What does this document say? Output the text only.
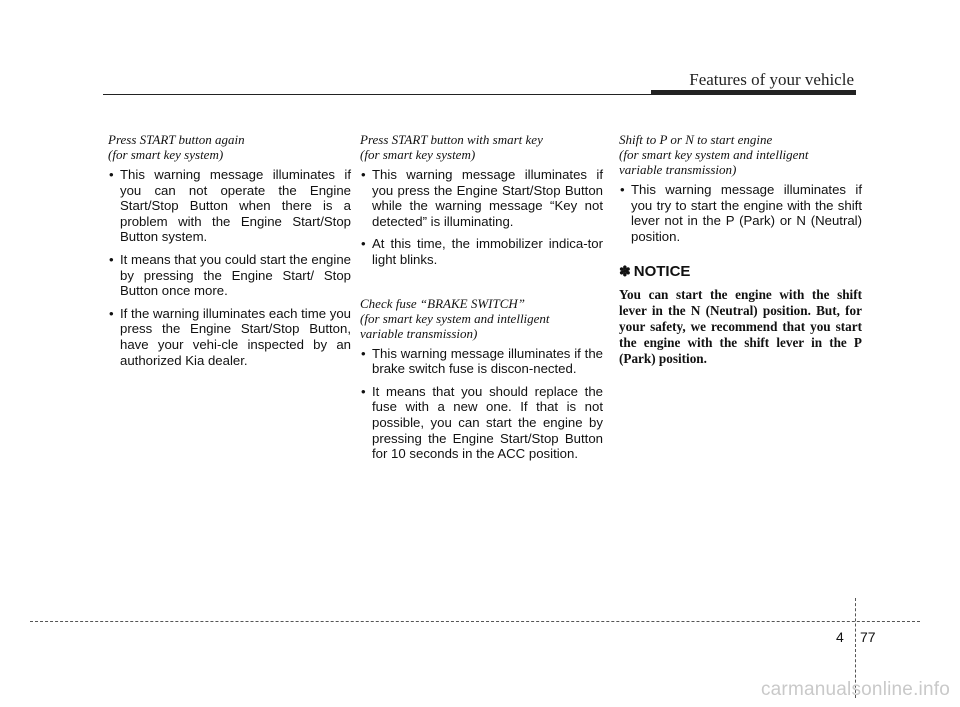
Features of your vehicle
Press START button again
(for smart key system)
• This warning message illuminates if you can not operate the Engine Start/Stop Button when there is a problem with the Engine Start/Stop Button system.
• It means that you could start the engine by pressing the Engine Start/ Stop Button once more.
• If the warning illuminates each time you press the Engine Start/Stop Button, have your vehi-cle inspected by an authorized Kia dealer.
Press START button with smart key
(for smart key system)
• This warning message illuminates if you press the Engine Start/Stop Button while the warning message “Key not detected” is illuminating.
• At this time, the immobilizer indica-tor light blinks.
Check fuse “BRAKE SWITCH”
(for smart key system and intelligent
variable transmission)
• This warning message illuminates if the brake switch fuse is discon-nected.
• It means that you should replace the fuse with a new one. If that is not possible, you can start the engine by pressing the Engine Start/Stop Button for 10 seconds in the ACC position.
Shift to P or N to start engine
(for smart key system and intelligent
variable transmission)
• This warning message illuminates if you try to start the engine with the shift lever not in the P (Park) or N (Neutral) position.
✽ NOTICE
You can start the engine with the shift lever in the N (Neutral) position. But, for your safety, we recommend that you start the engine with the shift lever in the P (Park) position.
4 77
carmanualsonline.info
